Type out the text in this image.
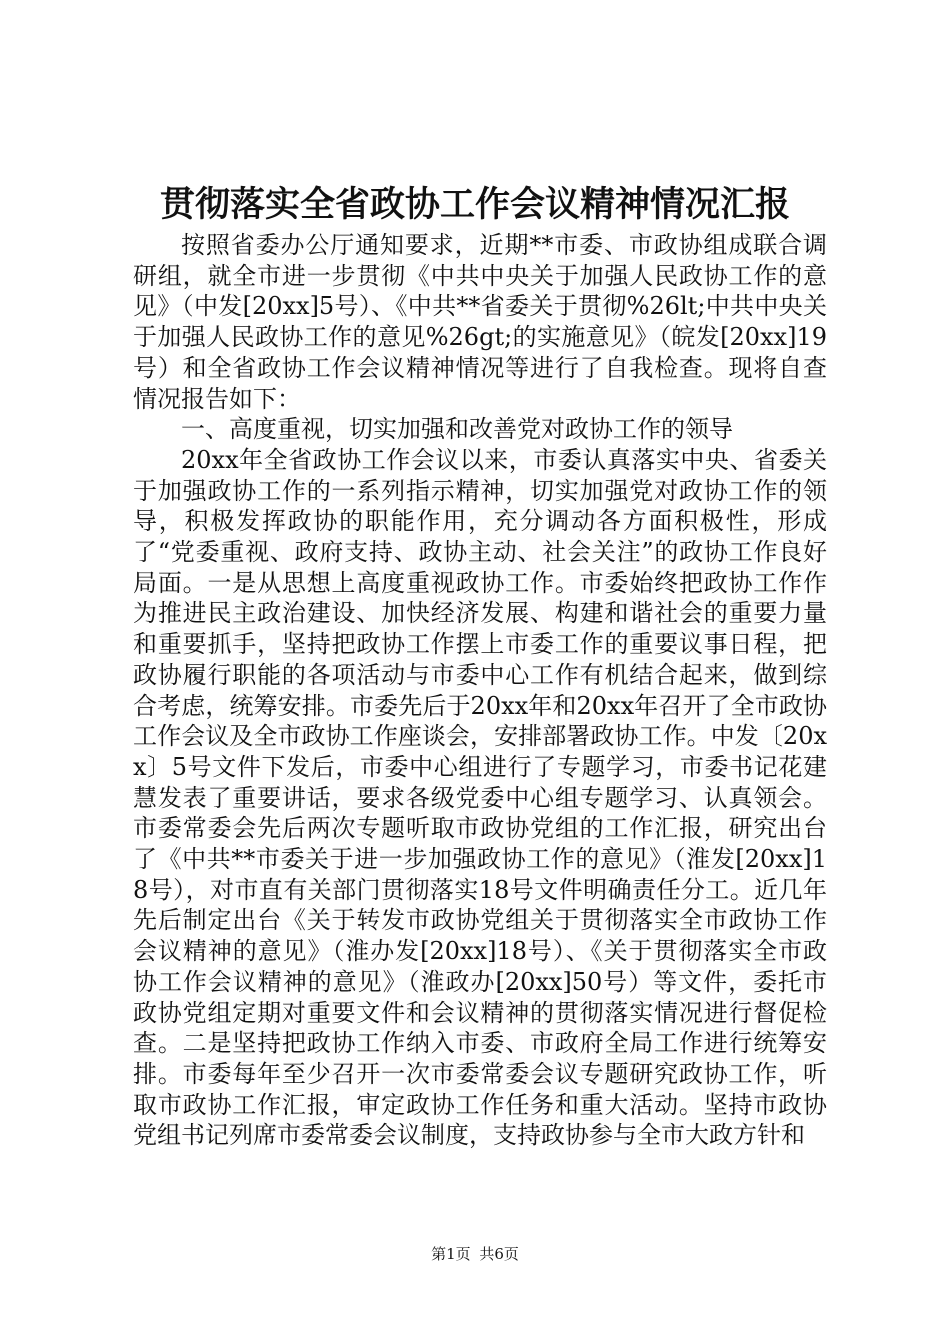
贯彻落实全省政协工作会议精神情况汇报

按照省委办公厅通知要求，近期**市委、市政协组成联合调研组，就全市进一步贯彻《中共中央关于加强人民政协工作的意见》（中发[20xx]5号）、《中共**省委关于贯彻%26lt;中共中央关于加强人民政协工作的意见%26gt;的实施意见》（皖发[20xx]19号）和全省政协工作会议精神情况等进行了自我检查。现将自查情况报告如下：

一、高度重视，切实加强和改善党对政协工作的领导

20xx年全省政协工作会议以来，市委认真落实中央、省委关于加强政协工作的一系列指示精神，切实加强党对政协工作的领导，积极发挥政协的职能作用，充分调动各方面积极性，形成了“党委重视、政府支持、政协主动、社会关注”的政协工作良好局面。一是从思想上高度重视政协工作。市委始终把政协工作作为推进民主政治建设、加快经济发展、构建和谐社会的重要力量和重要抓手，坚持把政协工作摆上市委工作的重要议事日程，把政协履行职能的各项活动与市委中心工作有机结合起来，做到综合考虑，统筹安排。市委先后于20xx年和20xx年召开了全市政协工作会议及全市政协工作座谈会，安排部署政协工作。中发〔20xx〕5号文件下发后，市委中心组进行了专题学习，市委书记花建慧发表了重要讲话，要求各级党委中心组专题学习、认真领会。市委常委会先后两次专题听取市政协党组的工作汇报，研究出台了《中共**市委关于进一步加强政协工作的意见》（淮发[20xx]18号），对市直有关部门贯彻落实18号文件明确责任分工。近几年先后制定出台《关于转发市政协党组关于贯彻落实全市政协工作会议精神的意见》（淮办发[20xx]18号）、《关于贯彻落实全市政协工作会议精神的意见》（淮政办[20xx]50号）等文件，委托市政协党组定期对重要文件和会议精神的贯彻落实情况进行督促检查。二是坚持把政协工作纳入市委、市政府全局工作进行统筹安排。市委每年至少召开一次市委常委会议专题研究政协工作，听取市政协工作汇报，审定政协工作任务和重大活动。坚持市政协党组书记列席市委常委会议制度，支持政协参与全市大政方针和

第1页 共6页
